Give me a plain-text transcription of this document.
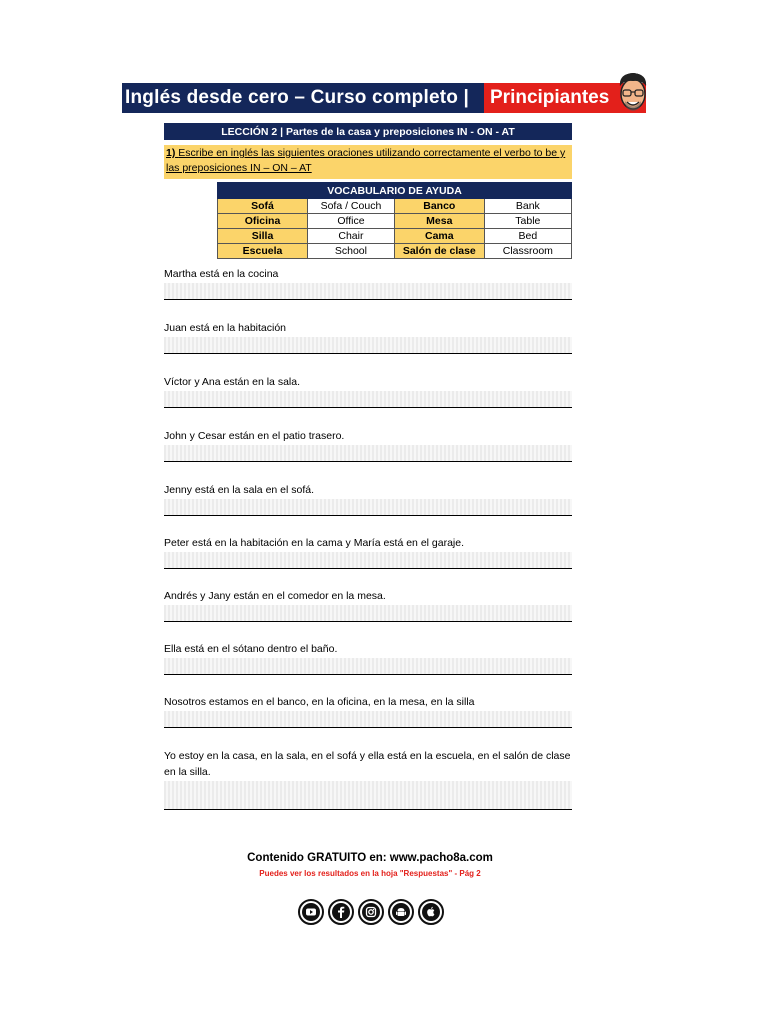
Inglés desde cero – Curso completo |	Principiantes
LECCIÓN 2 | Partes de la casa y preposiciones IN - ON - AT
1) Escribe en inglés las siguientes oraciones utilizando correctamente el verbo to be y las preposiciones IN – ON – AT
VOCABULARIO DE AYUDA			
Sofá	Sofa / Couch	Banco	Bank
Oficina	Office	Mesa	Table
Silla	Chair	Cama	Bed
Escuela	School	Salón de clase	Classroom
Martha está en la cocina
Juan está en la habitación
Víctor y Ana están en la sala.
John y Cesar están en el patio trasero.
Jenny está en la sala en el sofá.
Peter está en la habitación en la cama y María está en el garaje.
Andrés y Jany están en el comedor en la mesa.
Ella está en el sótano dentro el baño.
Nosotros estamos en el banco, en la oficina, en la mesa, en la silla
Yo estoy en la casa, en la sala, en el sofá y ella está en la escuela, en el salón de clase en la silla.
Contenido GRATUITO en: www.pacho8a.com
Puedes ver los resultados en la hoja "Respuestas" - Pág 2
